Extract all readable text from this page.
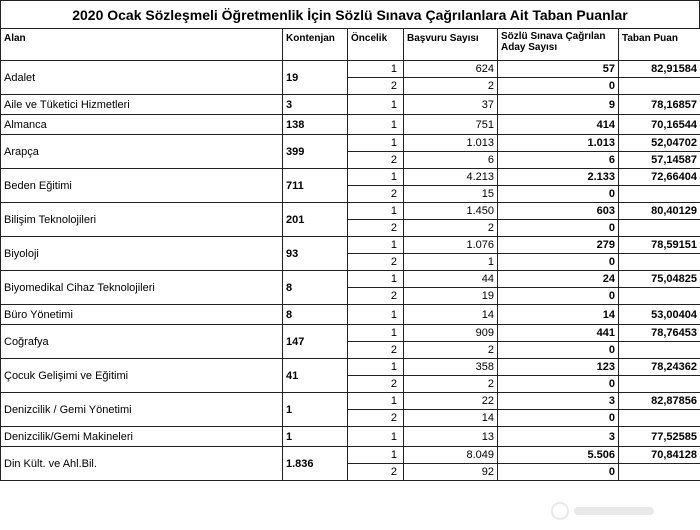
2020 Ocak Sözleşmeli Öğretmenlik İçin Sözlü Sınava Çağrılanlara Ait Taban Puanlar
Alan	Kontenjan	Öncelik	Başvuru Sayısı	Sözlü Sınava Çağrılan Aday Sayısı	Taban Puan
Adalet	19	1	624	57	82,91584
		2	2	0	
Aile ve Tüketici Hizmetleri	3	1	37	9	78,16857
Almanca	138	1	751	414	70,16544
Arapça	399	1	1.013	1.013	52,04702
		2	6	6	57,14587
Beden Eğitimi	711	1	4.213	2.133	72,66404
		2	15	0	
Bilişim Teknolojileri	201	1	1.450	603	80,40129
		2	2	0	
Biyoloji	93	1	1.076	279	78,59151
		2	1	0	
Biyomedikal Cihaz Teknolojileri	8	1	44	24	75,04825
		2	19	0	
Büro Yönetimi	8	1	14	14	53,00404
Coğrafya	147	1	909	441	78,76453
		2	2	0	
Çocuk Gelişimi ve Eğitimi	41	1	358	123	78,24362
		2	2	0	
Denizcilik / Gemi Yönetimi	1	1	22	3	82,87856
		2	14	0	
Denizcilik/Gemi Makineleri	1	1	13	3	77,52585
Din Kült. ve Ahl.Bil.	1.836	1	8.049	5.506	70,84128
		2	92	0	
